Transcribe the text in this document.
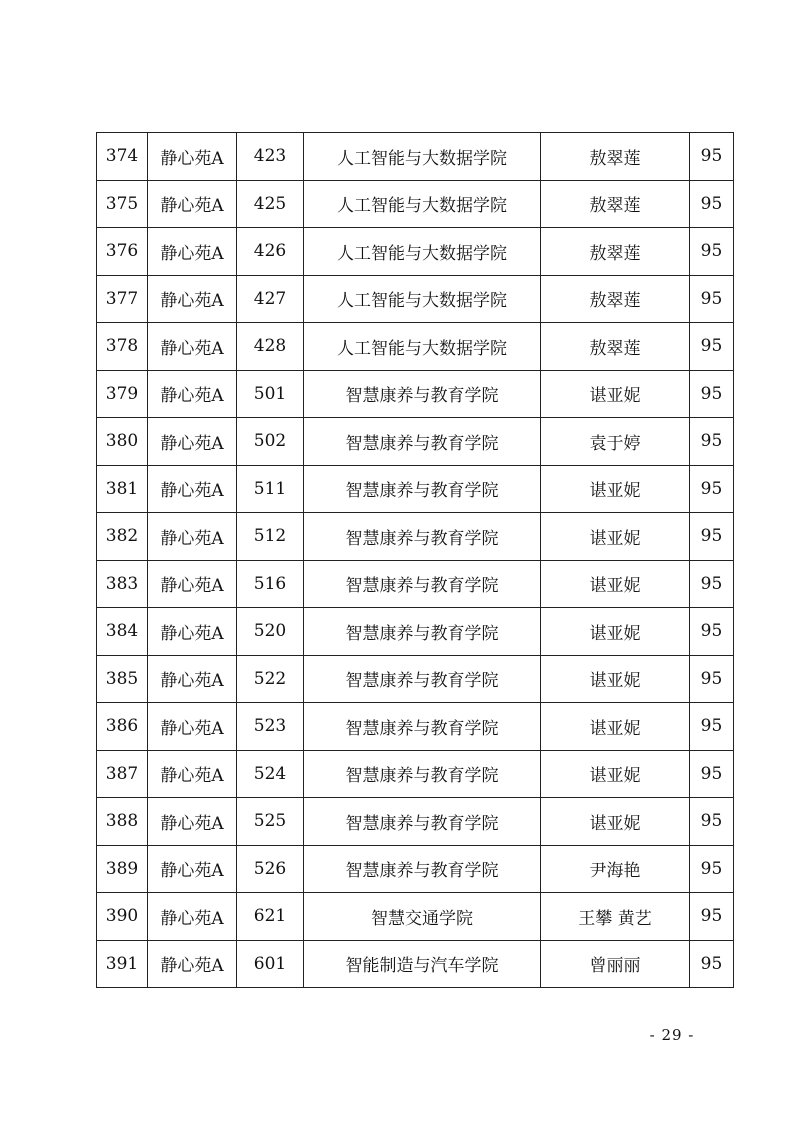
374	静心苑A	423	人工智能与大数据学院	敖翠莲	95
375	静心苑A	425	人工智能与大数据学院	敖翠莲	95
376	静心苑A	426	人工智能与大数据学院	敖翠莲	95
377	静心苑A	427	人工智能与大数据学院	敖翠莲	95
378	静心苑A	428	人工智能与大数据学院	敖翠莲	95
379	静心苑A	501	智慧康养与教育学院	谌亚妮	95
380	静心苑A	502	智慧康养与教育学院	袁于婷	95
381	静心苑A	511	智慧康养与教育学院	谌亚妮	95
382	静心苑A	512	智慧康养与教育学院	谌亚妮	95
383	静心苑A	516	智慧康养与教育学院	谌亚妮	95
384	静心苑A	520	智慧康养与教育学院	谌亚妮	95
385	静心苑A	522	智慧康养与教育学院	谌亚妮	95
386	静心苑A	523	智慧康养与教育学院	谌亚妮	95
387	静心苑A	524	智慧康养与教育学院	谌亚妮	95
388	静心苑A	525	智慧康养与教育学院	谌亚妮	95
389	静心苑A	526	智慧康养与教育学院	尹海艳	95
390	静心苑A	621	智慧交通学院	王攀 黄艺	95
391	静心苑A	601	智能制造与汽车学院	曾丽丽	95
- 29 -
